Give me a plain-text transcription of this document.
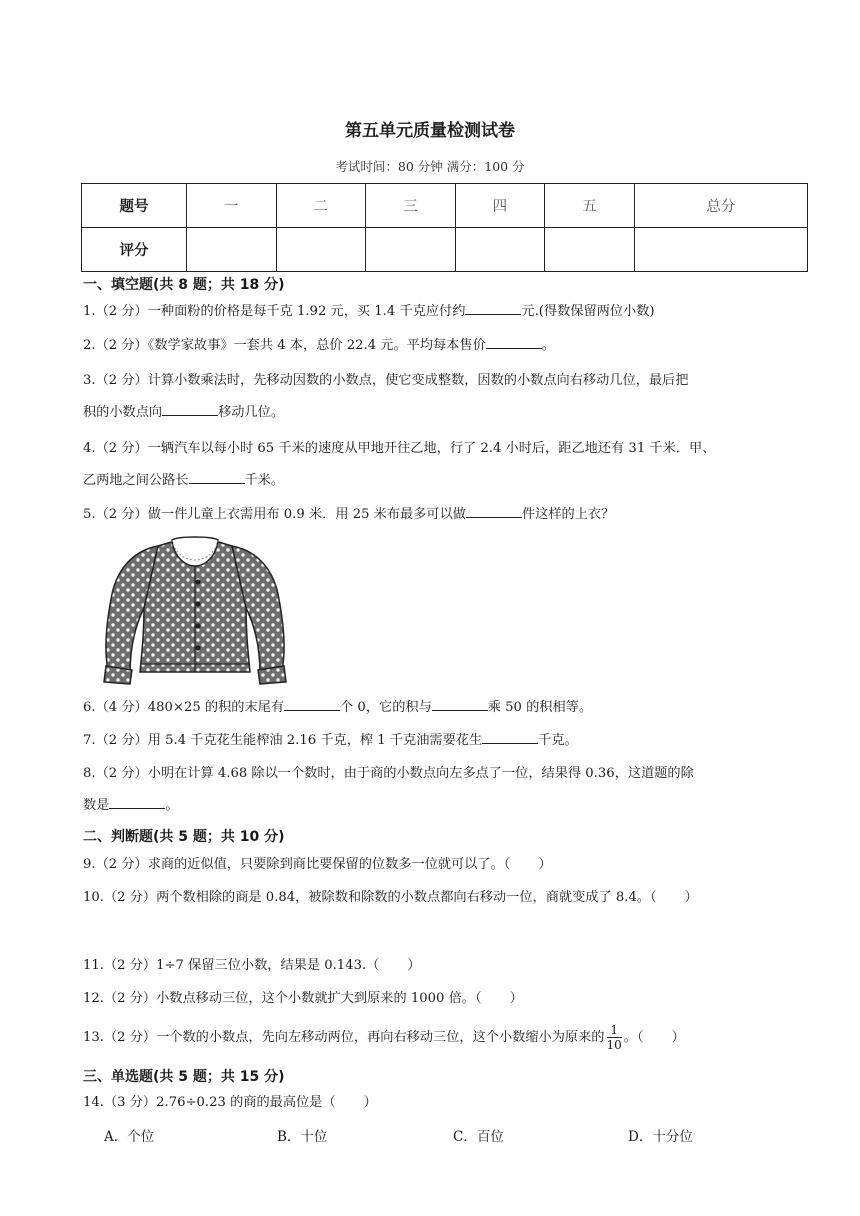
第五单元质量检测试卷
考试时间：80 分钟 满分：100 分
题号	一	二	三	四	五	总分
评分						
一、填空题(共 8 题；共 18 分)
1.（2 分）一种面粉的价格是每千克 1.92 元，买 1.4 千克应付约	元.(得数保留两位小数)
2.（2 分）《数学家故事》一套共 4 本，总价 22.4 元。平均每本售价	。
3.（2 分）计算小数乘法时，先移动因数的小数点，使它变成整数，因数的小数点向右移动几位，最后把
积的小数点向	移动几位。
4.（2 分）一辆汽车以每小时 65 千米的速度从甲地开往乙地，行了 2.4 小时后，距乙地还有 31 千米．甲、
乙两地之间公路长	千米。
5.（2 分）做一件儿童上衣需用布 0.9 米．用 25 米布最多可以做	件这样的上衣？
6.（4 分）480×25 的积的末尾有	个 0，它的积与	乘 50 的积相等。
7.（2 分）用 5.4 千克花生能榨油 2.16 千克，榨 1 千克油需要花生	千克。
8.（2 分）小明在计算 4.68 除以一个数时，由于商的小数点向左多点了一位，结果得 0.36，这道题的除
数是	。
二、判断题(共 5 题；共 10 分)
9.（2 分）求商的近似值，只要除到商比要保留的位数多一位就可以了。（ ）
10.（2 分）两个数相除的商是 0.84，被除数和除数的小数点都向右移动一位，商就变成了 8.4。（ ）
11.（2 分）1÷7 保留三位小数，结果是 0.143.（ ）
12.（2 分）小数点移动三位，这个小数就扩大到原来的 1000 倍。（ ）
13.（2 分）一个数的小数点，先向左移动两位，再向右移动三位，这个小数缩小为原来的 $\frac{1}{10}$ 。（ ）
三、单选题(共 5 题；共 15 分)
14.（3 分）2.76÷0.23 的商的最高位是（ ）
A．个位	B．十位	C．百位	D．十分位
